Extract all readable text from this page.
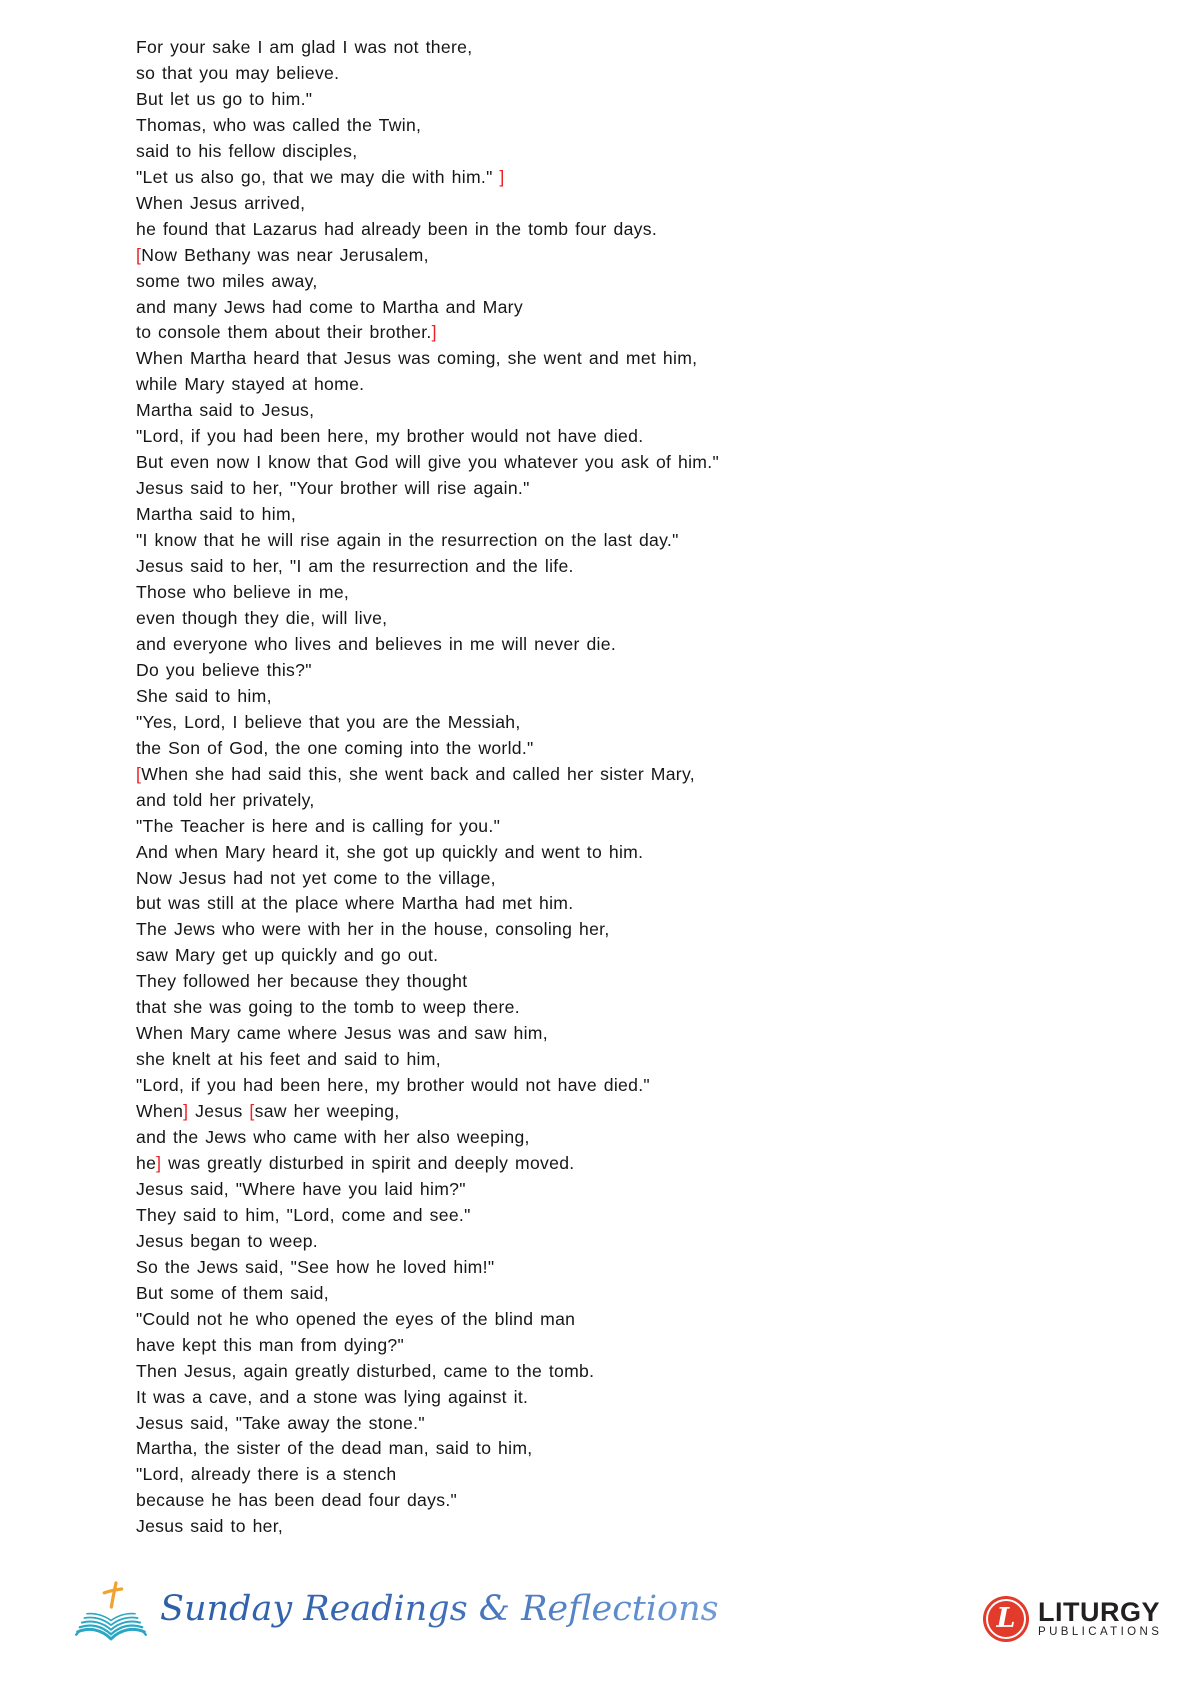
For your sake I am glad I was not there,
so that you may believe.
But let us go to him."
Thomas, who was called the Twin,
said to his fellow disciples,
"Let us also go, that we may die with him." ]
When Jesus arrived,
he found that Lazarus had already been in the tomb four days.
[Now Bethany was near Jerusalem,
some two miles away,
and many Jews had come to Martha and Mary
to console them about their brother.]
When Martha heard that Jesus was coming, she went and met him,
while Mary stayed at home.
Martha said to Jesus,
"Lord, if you had been here, my brother would not have died.
But even now I know that God will give you whatever you ask of him."
Jesus said to her, "Your brother will rise again."
Martha said to him,
"I know that he will rise again in the resurrection on the last day."
Jesus said to her, "I am the resurrection and the life.
Those who believe in me,
even though they die, will live,
and everyone who lives and believes in me will never die.
Do you believe this?"
She said to him,
"Yes, Lord, I believe that you are the Messiah,
the Son of God, the one coming into the world."
[When she had said this, she went back and called her sister Mary,
and told her privately,
"The Teacher is here and is calling for you."
And when Mary heard it, she got up quickly and went to him.
Now Jesus had not yet come to the village,
but was still at the place where Martha had met him.
The Jews who were with her in the house, consoling her,
saw Mary get up quickly and go out.
They followed her because they thought
that she was going to the tomb to weep there.
When Mary came where Jesus was and saw him,
she knelt at his feet and said to him,
"Lord, if you had been here, my brother would not have died."
When] Jesus [saw her weeping,
and the Jews who came with her also weeping,
he] was greatly disturbed in spirit and deeply moved.
Jesus said, "Where have you laid him?"
They said to him, "Lord, come and see."
Jesus began to weep.
So the Jews said, "See how he loved him!"
But some of them said,
"Could not he who opened the eyes of the blind man
have kept this man from dying?"
Then Jesus, again greatly disturbed, came to the tomb.
It was a cave, and a stone was lying against it.
Jesus said, "Take away the stone."
Martha, the sister of the dead man, said to him,
"Lord, already there is a stench
because he has been dead four days."
Jesus said to her,
Sunday Readings & Reflections	L LITURGY
PUBLICATIONS
